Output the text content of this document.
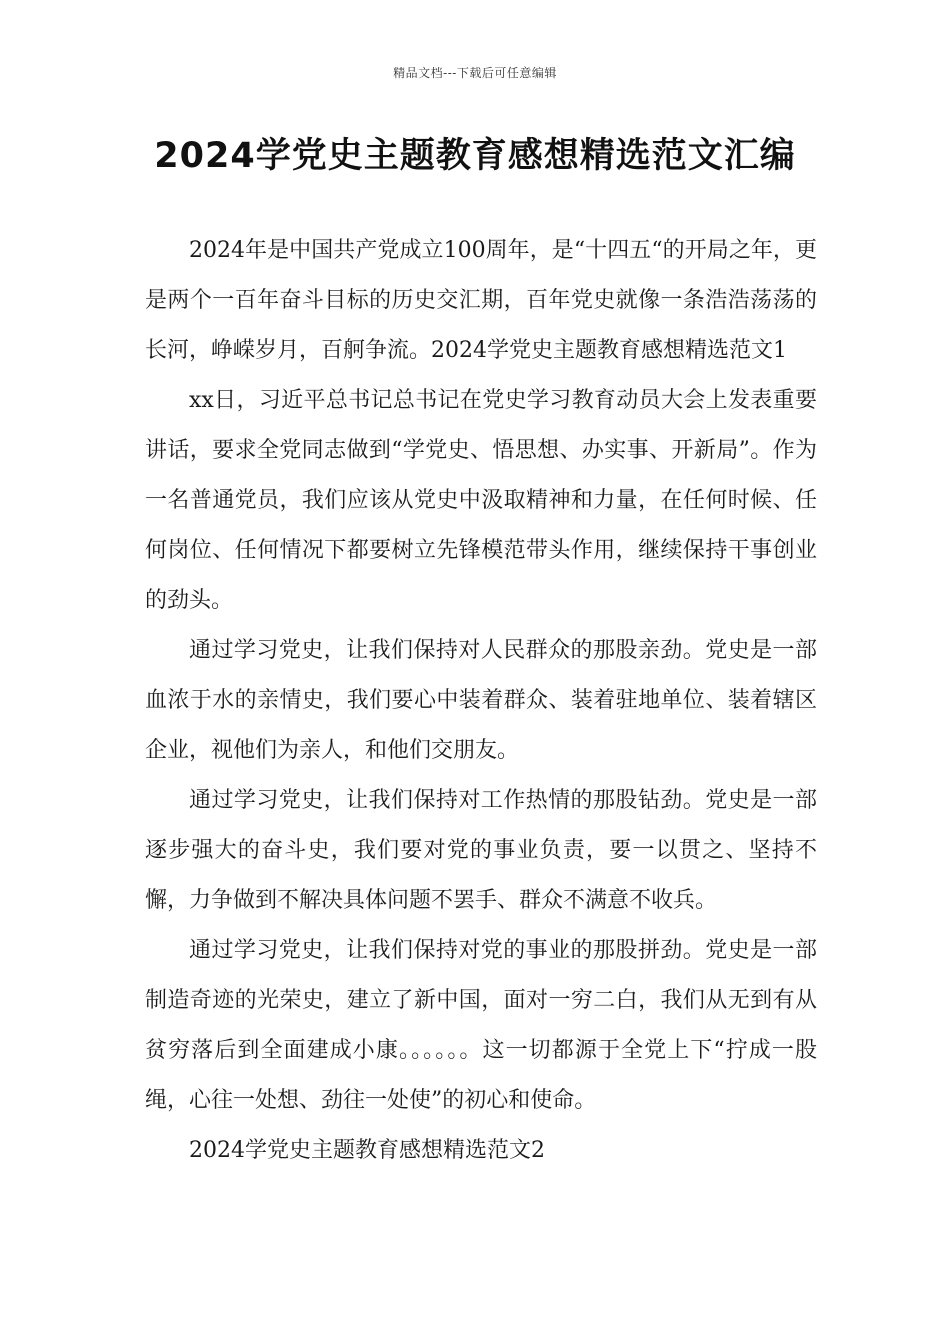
精品文档---下载后可任意编辑
2024学党史主题教育感想精选范文汇编

2024年是中国共产党成立100周年，是“十四五“的开局之年，更是两个一百年奋斗目标的历史交汇期，百年党史就像一条浩浩荡荡的长河，峥嵘岁月，百舸争流。2024学党史主题教育感想精选范文1

xx日，习近平总书记总书记在党史学习教育动员大会上发表重要讲话，要求全党同志做到“学党史、悟思想、办实事、开新局”。作为一名普通党员，我们应该从党史中汲取精神和力量，在任何时候、任何岗位、任何情况下都要树立先锋模范带头作用，继续保持干事创业的劲头。

通过学习党史，让我们保持对人民群众的那股亲劲。党史是一部血浓于水的亲情史，我们要心中装着群众、装着驻地单位、装着辖区企业，视他们为亲人，和他们交朋友。

通过学习党史，让我们保持对工作热情的那股钻劲。党史是一部逐步强大的奋斗史，我们要对党的事业负责，要一以贯之、坚持不懈，力争做到不解决具体问题不罢手、群众不满意不收兵。

通过学习党史，让我们保持对党的事业的那股拼劲。党史是一部制造奇迹的光荣史，建立了新中国，面对一穷二白，我们从无到有从贫穷落后到全面建成小康。。。。。。这一切都源于全党上下“拧成一股绳，心往一处想、劲往一处使”的初心和使命。

2024学党史主题教育感想精选范文2
